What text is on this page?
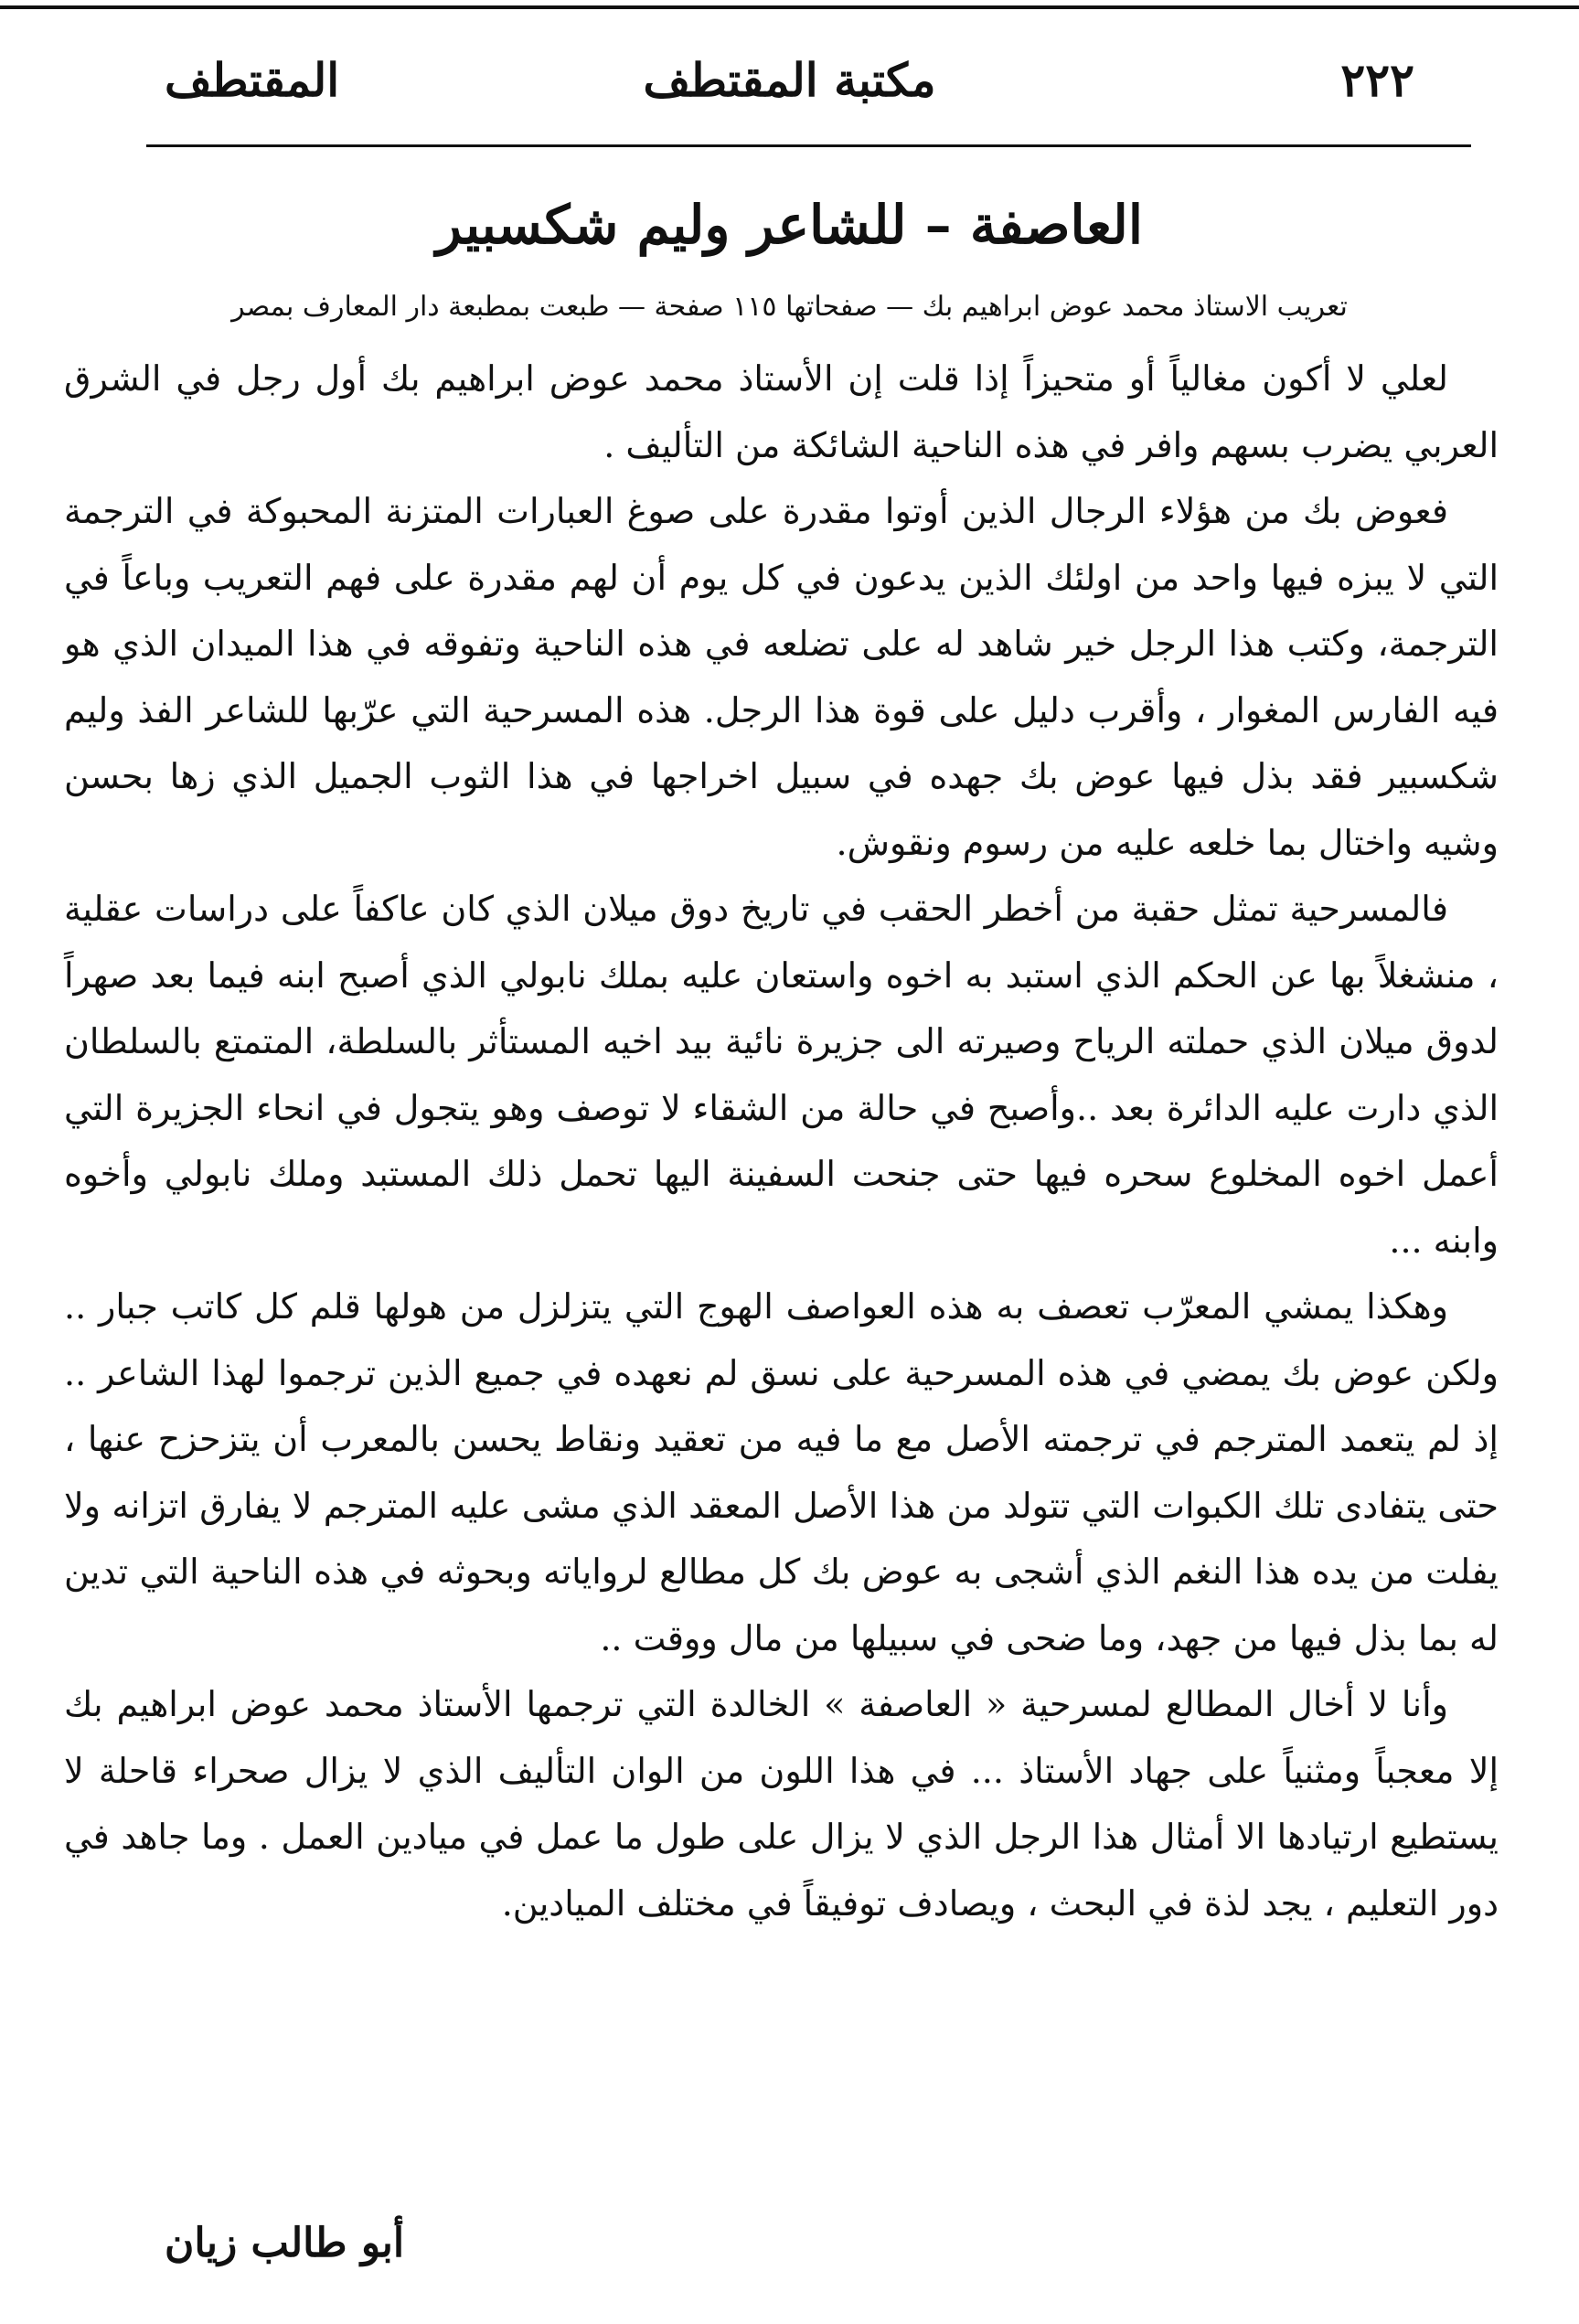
٢٢٢
مكتبة المقتطف
المقتطف
العاصفة – للشاعر وليم شكسبير
تعريب الاستاذ محمد عوض ابراهيم بك — صفحاتها ١١٥ صفحة — طبعت بمطبعة دار المعارف بمصر

لعلي لا أكون مغالياً أو متحيزاً إذا قلت إن الأستاذ محمد عوض ابراهيم بك أول رجل في الشرق العربي يضرب بسهم وافر في هذه الناحية الشائكة من التأليف .

فعوض بك من هؤلاء الرجال الذين أوتوا مقدرة على صوغ العبارات المتزنة المحبوكة في الترجمة التي لا يبزه فيها واحد من اولئك الذين يدعون في كل يوم أن لهم مقدرة على فهم التعريب وباعاً في الترجمة، وكتب هذا الرجل خير شاهد له على تضلعه في هذه الناحية وتفوقه في هذا الميدان الذي هو فيه الفارس المغوار ، وأقرب دليل على قوة هذا الرجل. هذه المسرحية التي عرّبها للشاعر الفذ وليم شكسبير فقد بذل فيها عوض بك جهده في سبيل اخراجها في هذا الثوب الجميل الذي زها بحسن وشيه واختال بما خلعه عليه من رسوم ونقوش.

فالمسرحية تمثل حقبة من أخطر الحقب في تاريخ دوق ميلان الذي كان عاكفاً على دراسات عقلية ، منشغلاً بها عن الحكم الذي استبد به اخوه واستعان عليه بملك نابولي الذي أصبح ابنه فيما بعد صهراً لدوق ميلان الذي حملته الرياح وصيرته الى جزيرة نائية بيد اخيه المستأثر بالسلطة، المتمتع بالسلطان الذي دارت عليه الدائرة بعد ..وأصبح في حالة من الشقاء لا توصف وهو يتجول في انحاء الجزيرة التي أعمل اخوه المخلوع سحره فيها حتى جنحت السفينة اليها تحمل ذلك المستبد وملك نابولي وأخوه وابنه ...

وهكذا يمشي المعرّب تعصف به هذه العواصف الهوج التي يتزلزل من هولها قلم كل كاتب جبار .. ولكن عوض بك يمضي في هذه المسرحية على نسق لم نعهده في جميع الذين ترجموا لهذا الشاعر .. إذ لم يتعمد المترجم في ترجمته الأصل مع ما فيه من تعقيد ونقاط يحسن بالمعرب أن يتزحزح عنها ، حتى يتفادى تلك الكبوات التي تتولد من هذا الأصل المعقد الذي مشى عليه المترجم لا يفارق اتزانه ولا يفلت من يده هذا النغم الذي أشجى به عوض بك كل مطالع لرواياته وبحوثه في هذه الناحية التي تدين له بما بذل فيها من جهد، وما ضحى في سبيلها من مال ووقت ..

وأنا لا أخال المطالع لمسرحية « العاصفة » الخالدة التي ترجمها الأستاذ محمد عوض ابراهيم بك إلا معجباً ومثنياً على جهاد الأستاذ ... في هذا اللون من الوان التأليف الذي لا يزال صحراء قاحلة لا يستطيع ارتيادها الا أمثال هذا الرجل الذي لا يزال على طول ما عمل في ميادين العمل . وما جاهد في دور التعليم ، يجد لذة في البحث ، ويصادف توفيقاً في مختلف الميادين.

أبو طالب زيان
